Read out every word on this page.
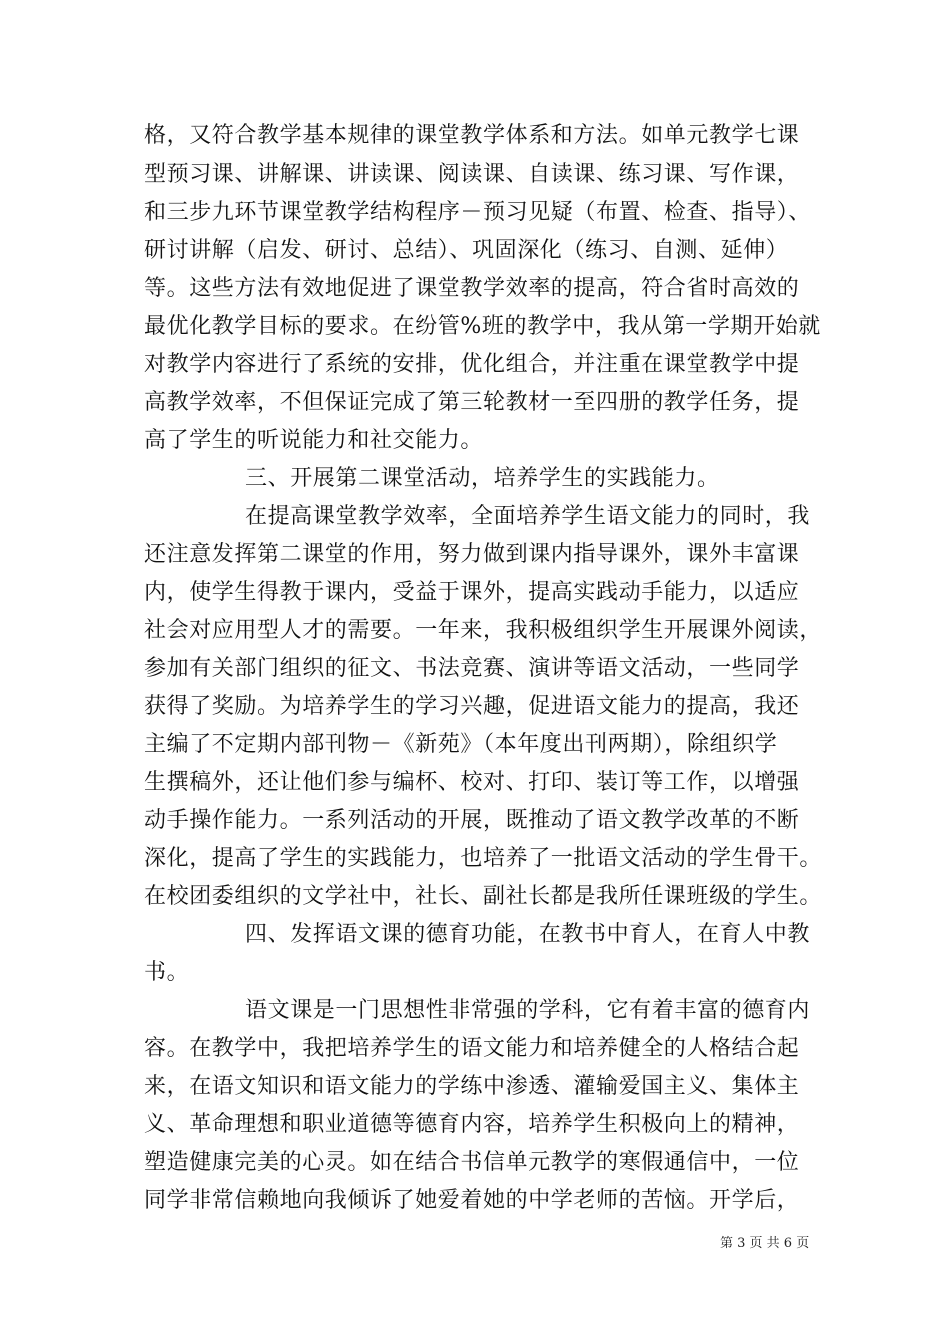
格，又符合教学基本规律的课堂教学体系和方法。如单元教学七课
型预习课、讲解课、讲读课、阅读课、自读课、练习课、写作课，
和三步九环节课堂教学结构程序－预习见疑（布置、检查、指导）、
研讨讲解（启发、研讨、总结）、巩固深化（练习、自测、延伸）
等。这些方法有效地促进了课堂教学效率的提高，符合省时高效的
最优化教学目标的要求。在纷管%班的教学中，我从第一学期开始就
对教学内容进行了系统的安排，优化组合，并注重在课堂教学中提
高教学效率，不但保证完成了第三轮教材一至四册的教学任务，提
高了学生的听说能力和社交能力。
三、开展第二课堂活动，培养学生的实践能力。
在提高课堂教学效率，全面培养学生语文能力的同时，我
还注意发挥第二课堂的作用，努力做到课内指导课外，课外丰富课
内，使学生得教于课内，受益于课外，提高实践动手能力，以适应
社会对应用型人才的需要。一年来，我积极组织学生开展课外阅读，
参加有关部门组织的征文、书法竞赛、演讲等语文活动，一些同学
获得了奖励。为培养学生的学习兴趣，促进语文能力的提高，我还
主编了不定期内部刊物－《新苑》（本年度出刊两期），除组织学
生撰稿外，还让他们参与编杯、校对、打印、装订等工作，以增强
动手操作能力。一系列活动的开展，既推动了语文教学改革的不断
深化，提高了学生的实践能力，也培养了一批语文活动的学生骨干。
在校团委组织的文学社中，社长、副社长都是我所任课班级的学生。
四、发挥语文课的德育功能，在教书中育人，在育人中教
书。
语文课是一门思想性非常强的学科，它有着丰富的德育内
容。在教学中，我把培养学生的语文能力和培养健全的人格结合起
来，在语文知识和语文能力的学练中渗透、灌输爱国主义、集体主
义、革命理想和职业道德等德育内容，培养学生积极向上的精神，
塑造健康完美的心灵。如在结合书信单元教学的寒假通信中，一位
同学非常信赖地向我倾诉了她爱着她的中学老师的苦恼。开学后，
第 3 页 共 6 页
